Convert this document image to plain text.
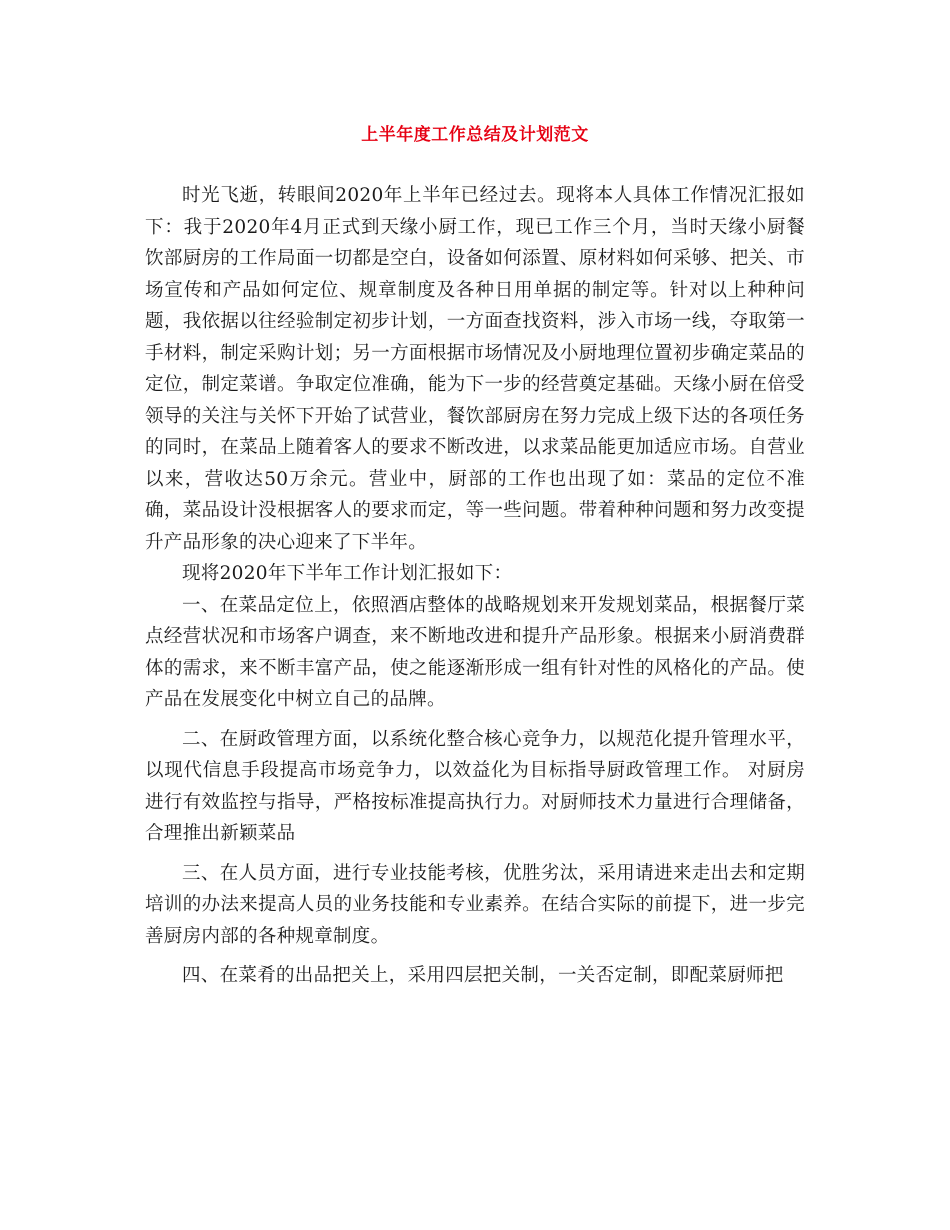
上半年度工作总结及计划范文

时光飞逝，转眼间2020年上半年已经过去。现将本人具体工作情况汇报如下：我于2020年4月正式到天缘小厨工作，现已工作三个月，当时天缘小厨餐饮部厨房的工作局面一切都是空白，设备如何添置、原材料如何采够、把关、市场宣传和产品如何定位、规章制度及各种日用单据的制定等。针对以上种种问题，我依据以往经验制定初步计划，一方面查找资料，涉入市场一线，夺取第一手材料，制定采购计划；另一方面根据市场情况及小厨地理位置初步确定菜品的定位，制定菜谱。争取定位准确，能为下一步的经营奠定基础。天缘小厨在倍受领导的关注与关怀下开始了试营业，餐饮部厨房在努力完成上级下达的各项任务的同时，在菜品上随着客人的要求不断改进，以求菜品能更加适应市场。自营业以来，营收达50万余元。营业中，厨部的工作也出现了如：菜品的定位不准确，菜品设计没根据客人的要求而定，等一些问题。带着种种问题和努力改变提升产品形象的决心迎来了下半年。

现将2020年下半年工作计划汇报如下：

一、在菜品定位上，依照酒店整体的战略规划来开发规划菜品，根据餐厅菜点经营状况和市场客户调查，来不断地改进和提升产品形象。根据来小厨消费群体的需求，来不断丰富产品，使之能逐渐形成一组有针对性的风格化的产品。使产品在发展变化中树立自己的品牌。

二、在厨政管理方面，以系统化整合核心竞争力，以规范化提升管理水平，以现代信息手段提高市场竞争力，以效益化为目标指导厨政管理工作。 对厨房进行有效监控与指导，严格按标准提高执行力。对厨师技术力量进行合理储备，合理推出新颖菜品

三、在人员方面，进行专业技能考核，优胜劣汰，采用请进来走出去和定期培训的办法来提高人员的业务技能和专业素养。在结合实际的前提下，进一步完善厨房内部的各种规章制度。

四、在菜肴的出品把关上，采用四层把关制，一关否定制，即配菜厨师把
